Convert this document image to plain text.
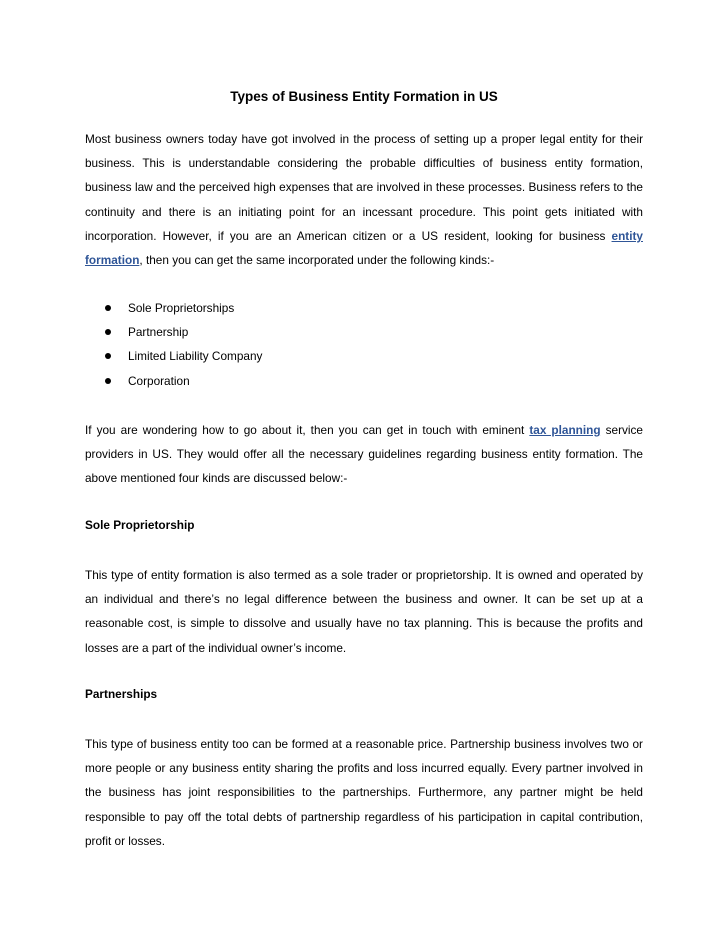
Types of Business Entity Formation in US

Most business owners today have got involved in the process of setting up a proper legal entity for their business. This is understandable considering the probable difficulties of business entity formation, business law and the perceived high expenses that are involved in these processes. Business refers to the continuity and there is an initiating point for an incessant procedure. This point gets initiated with incorporation. However, if you are an American citizen or a US resident, looking for business entity formation, then you can get the same incorporated under the following kinds:-

Sole Proprietorships
Partnership
Limited Liability Company
Corporation

If you are wondering how to go about it, then you can get in touch with eminent tax planning service providers in US. They would offer all the necessary guidelines regarding business entity formation. The above mentioned four kinds are discussed below:-

Sole Proprietorship

This type of entity formation is also termed as a sole trader or proprietorship. It is owned and operated by an individual and there’s no legal difference between the business and owner. It can be set up at a reasonable cost, is simple to dissolve and usually have no tax planning. This is because the profits and losses are a part of the individual owner’s income.

Partnerships

This type of business entity too can be formed at a reasonable price. Partnership business involves two or more people or any business entity sharing the profits and loss incurred equally. Every partner involved in the business has joint responsibilities to the partnerships. Furthermore, any partner might be held responsible to pay off the total debts of partnership regardless of his participation in capital contribution, profit or losses.
